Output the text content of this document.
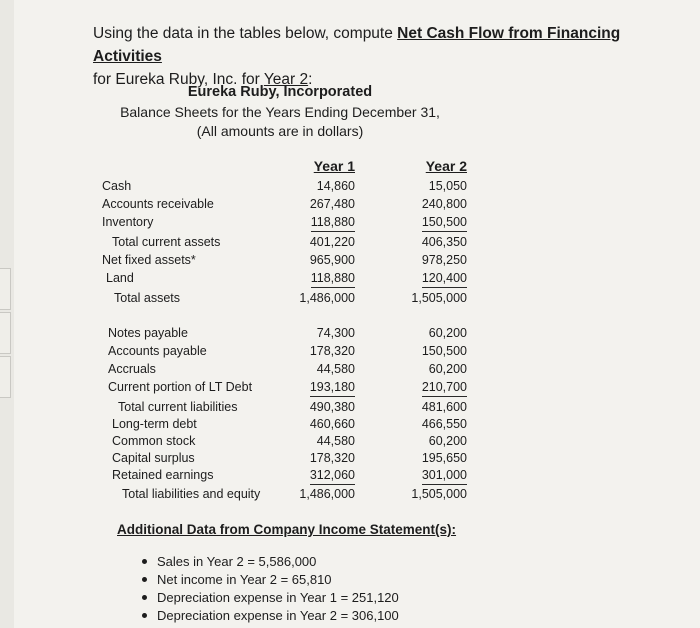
Using the data in the tables below, compute Net Cash Flow from Financing Activities
for Eureka Ruby, Inc. for Year 2:
Eureka Ruby, Incorporated
Balance Sheets for the Years Ending December 31,
(All amounts are in dollars)
Year 1	Year 2
Cash	14,860	15,050
Accounts receivable	267,480	240,800
Inventory	118,880	150,500
Total current assets	401,220	406,350
Net fixed assets*	965,900	978,250
Land	118,880	120,400
Total assets	1,486,000	1,505,000
Notes payable	74,300	60,200
Accounts payable	178,320	150,500
Accruals	44,580	60,200
Current portion of LT Debt	193,180	210,700
Total current liabilities	490,380	481,600
Long-term debt	460,660	466,550
Common stock	44,580	60,200
Capital surplus	178,320	195,650
Retained earnings	312,060	301,000
Total liabilities and equity	1,486,000	1,505,000
Additional Data from Company Income Statement(s):
Sales in Year 2 = 5,586,000
Net income in Year 2 = 65,810
Depreciation expense in Year 1 = 251,120
Depreciation expense in Year 2 = 306,100
